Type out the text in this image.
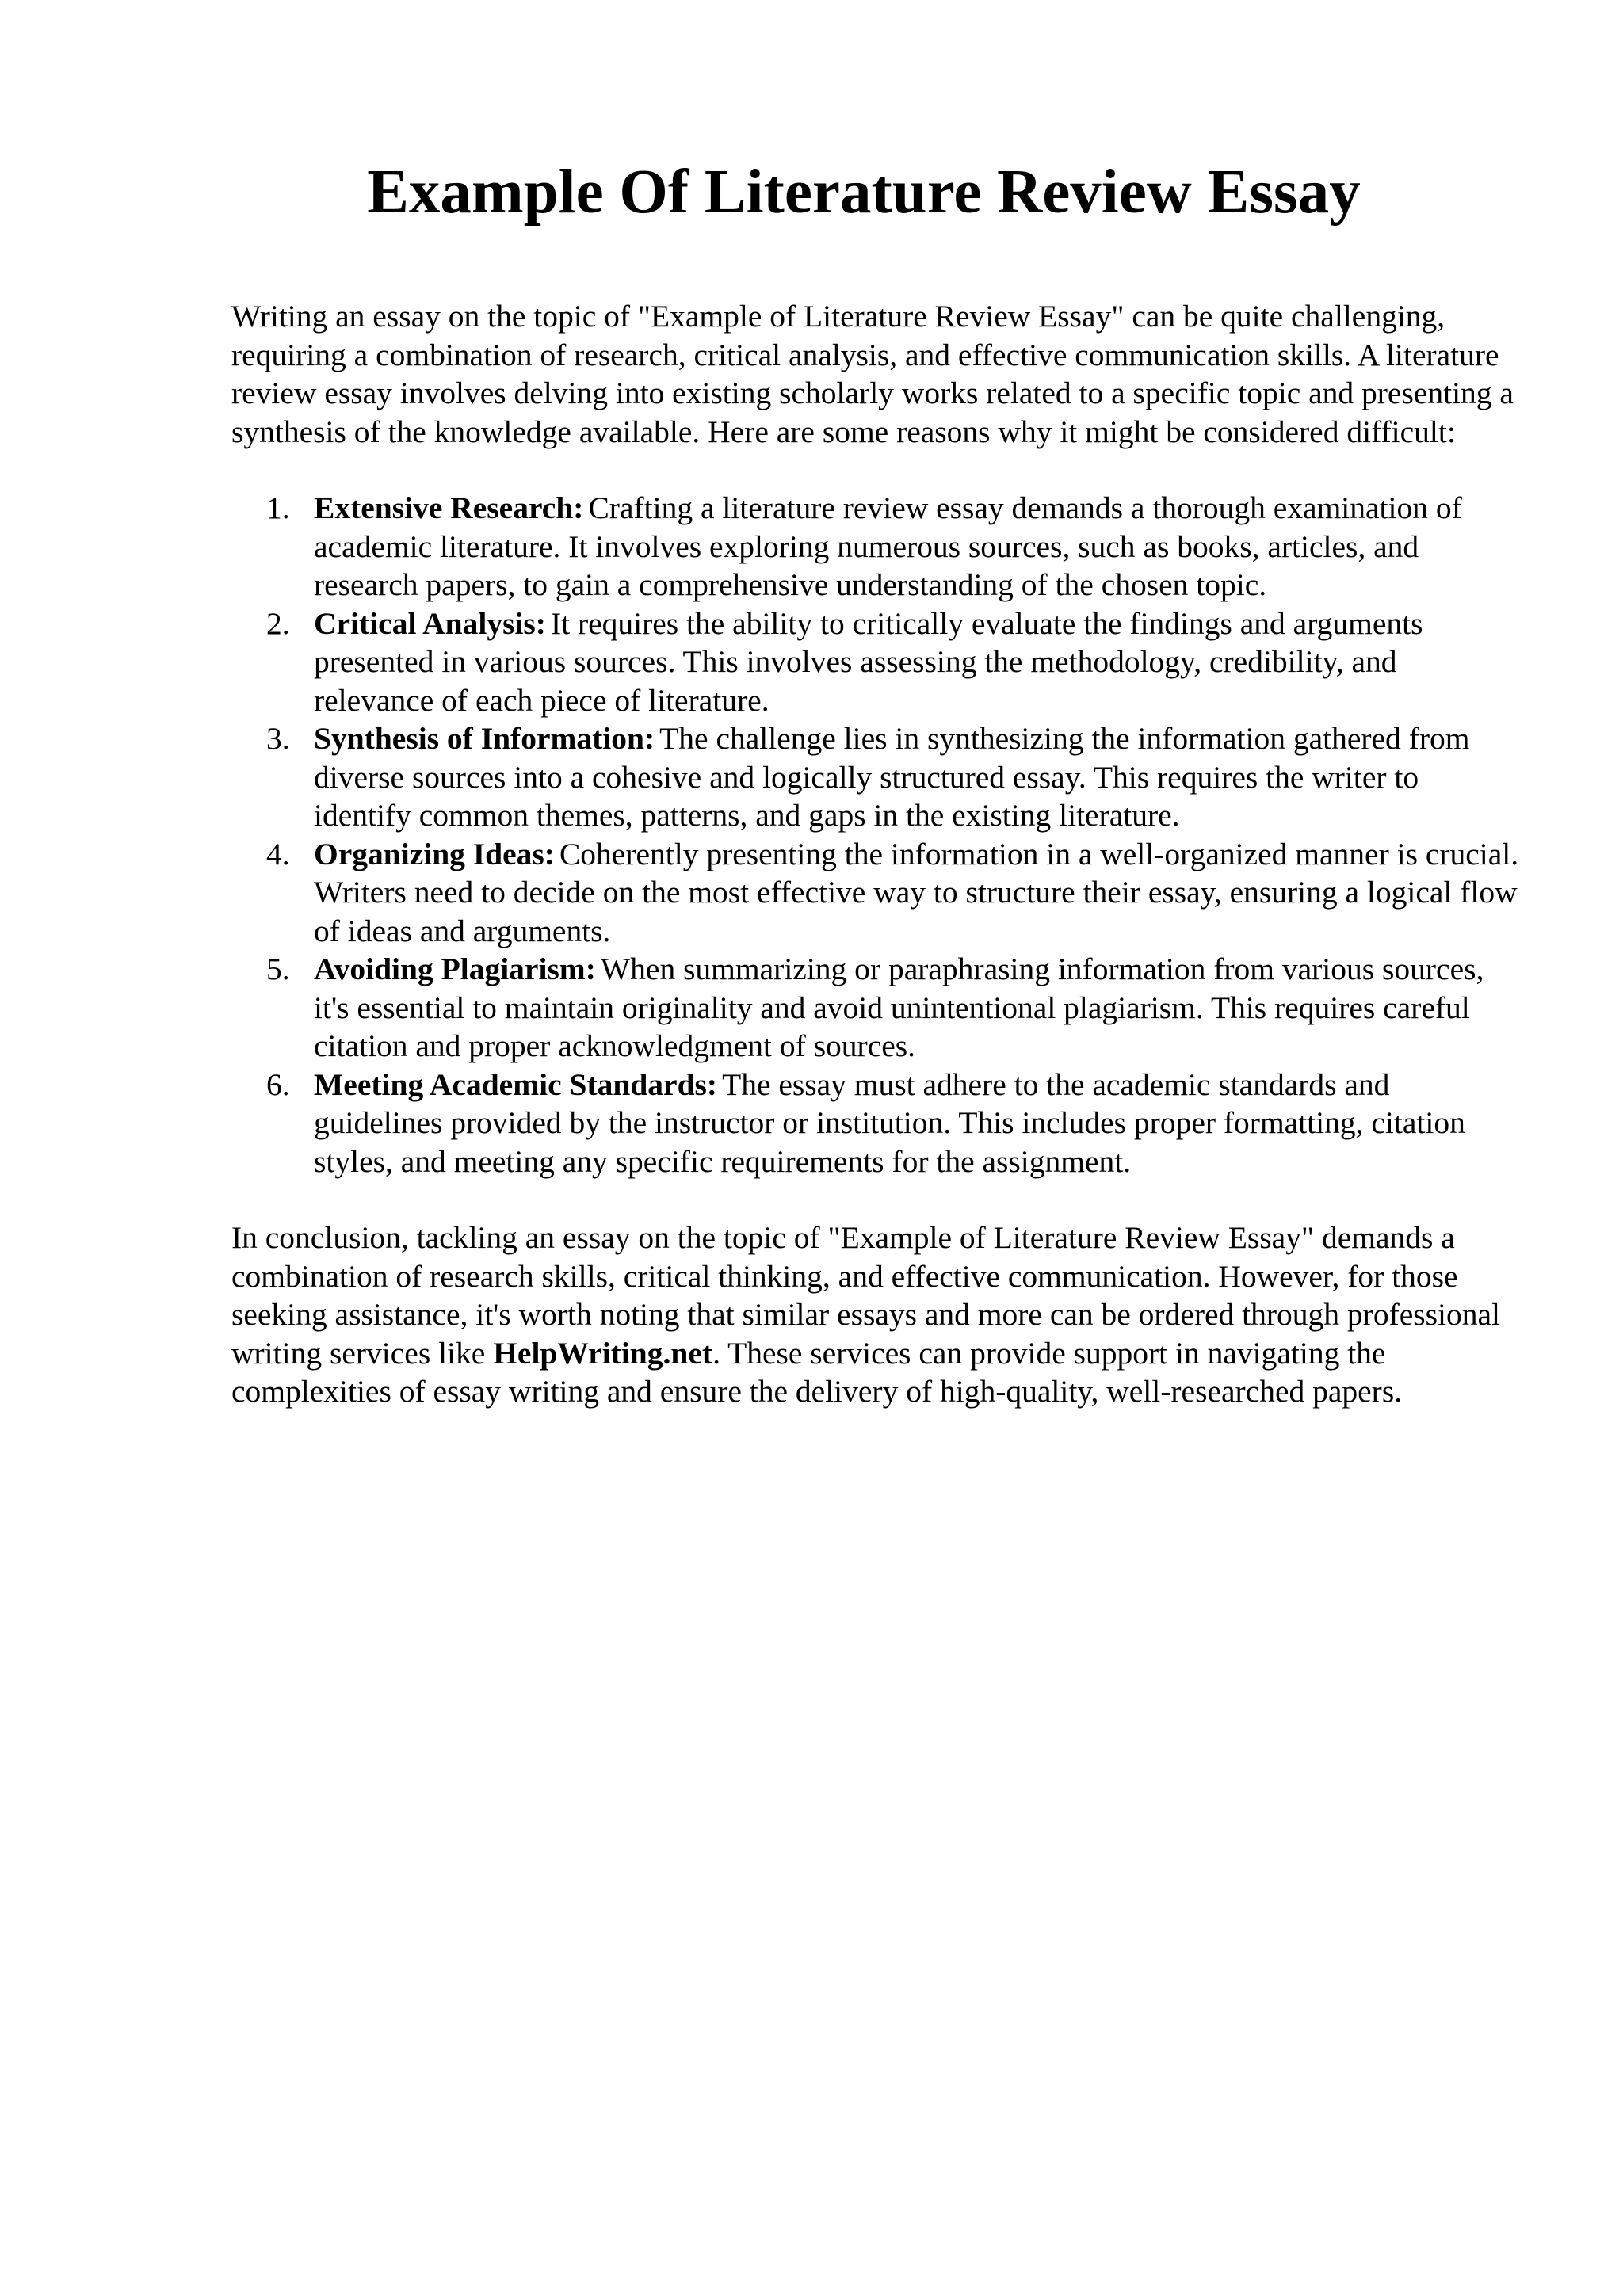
Example Of Literature Review Essay

Writing an essay on the topic of "Example of Literature Review Essay" can be quite challenging, requiring a combination of research, critical analysis, and effective communication skills. A literature review essay involves delving into existing scholarly works related to a specific topic and presenting a synthesis of the knowledge available. Here are some reasons why it might be considered difficult:

1. Extensive Research: Crafting a literature review essay demands a thorough examination of academic literature. It involves exploring numerous sources, such as books, articles, and research papers, to gain a comprehensive understanding of the chosen topic.
2. Critical Analysis: It requires the ability to critically evaluate the findings and arguments presented in various sources. This involves assessing the methodology, credibility, and relevance of each piece of literature.
3. Synthesis of Information: The challenge lies in synthesizing the information gathered from diverse sources into a cohesive and logically structured essay. This requires the writer to identify common themes, patterns, and gaps in the existing literature.
4. Organizing Ideas: Coherently presenting the information in a well-organized manner is crucial. Writers need to decide on the most effective way to structure their essay, ensuring a logical flow of ideas and arguments.
5. Avoiding Plagiarism: When summarizing or paraphrasing information from various sources, it's essential to maintain originality and avoid unintentional plagiarism. This requires careful citation and proper acknowledgment of sources.
6. Meeting Academic Standards: The essay must adhere to the academic standards and guidelines provided by the instructor or institution. This includes proper formatting, citation styles, and meeting any specific requirements for the assignment.

In conclusion, tackling an essay on the topic of "Example of Literature Review Essay" demands a combination of research skills, critical thinking, and effective communication. However, for those seeking assistance, it's worth noting that similar essays and more can be ordered through professional writing services like HelpWriting.net. These services can provide support in navigating the complexities of essay writing and ensure the delivery of high-quality, well-researched papers.
